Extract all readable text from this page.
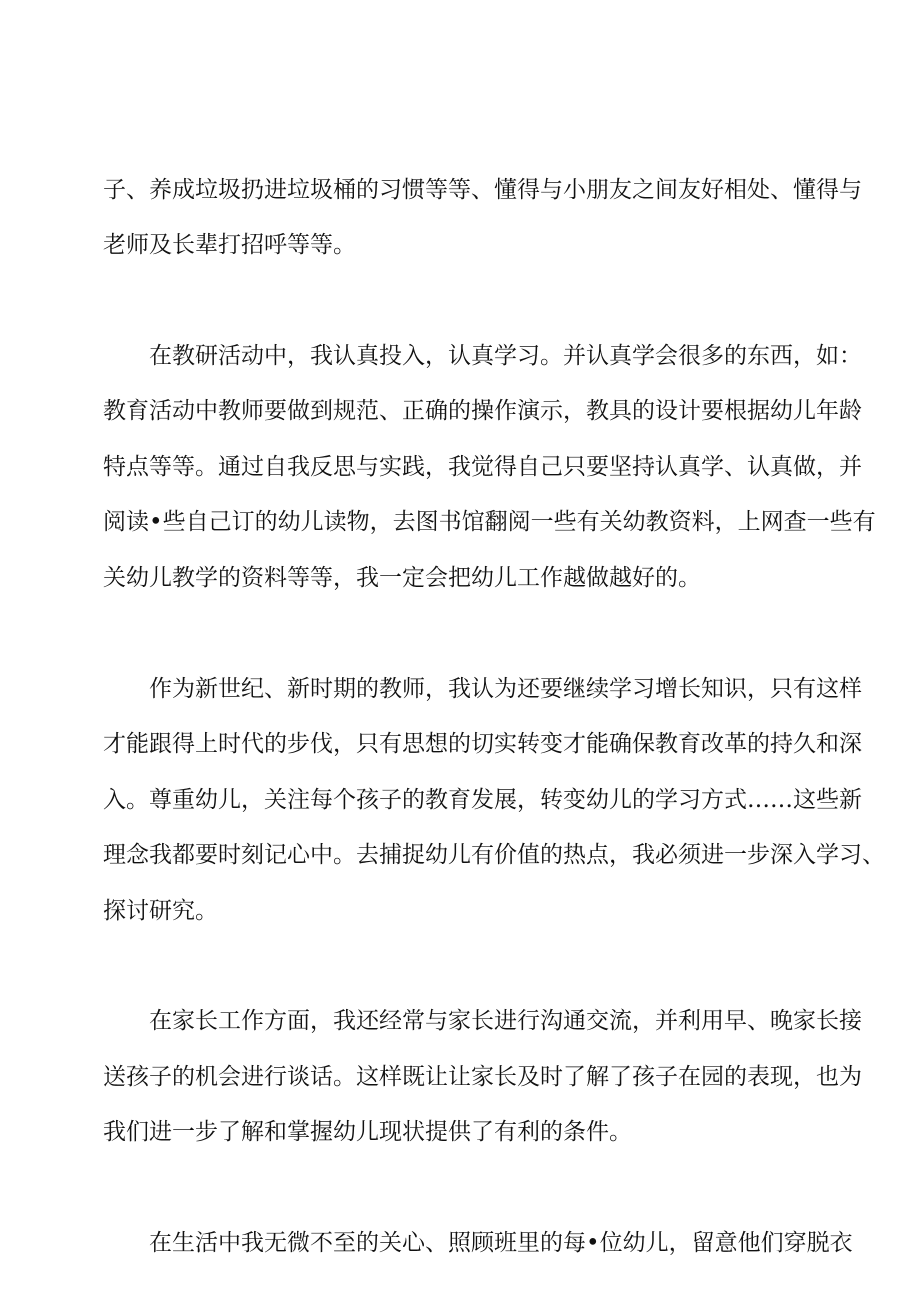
子、养成垃圾扔进垃圾桶的习惯等等、懂得与小朋友之间友好相处、懂得与
老师及长辈打招呼等等。
在教研活动中，我认真投入，认真学习。并认真学会很多的东西，如：
教育活动中教师要做到规范、正确的操作演示，教具的设计要根据幼儿年龄
特点等等。通过自我反思与实践，我觉得自己只要坚持认真学、认真做，并
阅读•些自己订的幼儿读物，去图书馆翻阅一些有关幼教资料，上网查一些有
关幼儿教学的资料等等，我一定会把幼儿工作越做越好的。
作为新世纪、新时期的教师，我认为还要继续学习增长知识，只有这样
才能跟得上时代的步伐，只有思想的切实转变才能确保教育改革的持久和深
入。尊重幼儿，关注每个孩子的教育发展，转变幼儿的学习方式……这些新
理念我都要时刻记心中。去捕捉幼儿有价值的热点，我必须进一步深入学习、
探讨研究。
在家长工作方面，我还经常与家长进行沟通交流，并利用早、晚家长接
送孩子的机会进行谈话。这样既让让家长及时了解了孩子在园的表现，也为
我们进一步了解和掌握幼儿现状提供了有利的条件。
在生活中我无微不至的关心、照顾班里的每•位幼儿，留意他们穿脱衣
